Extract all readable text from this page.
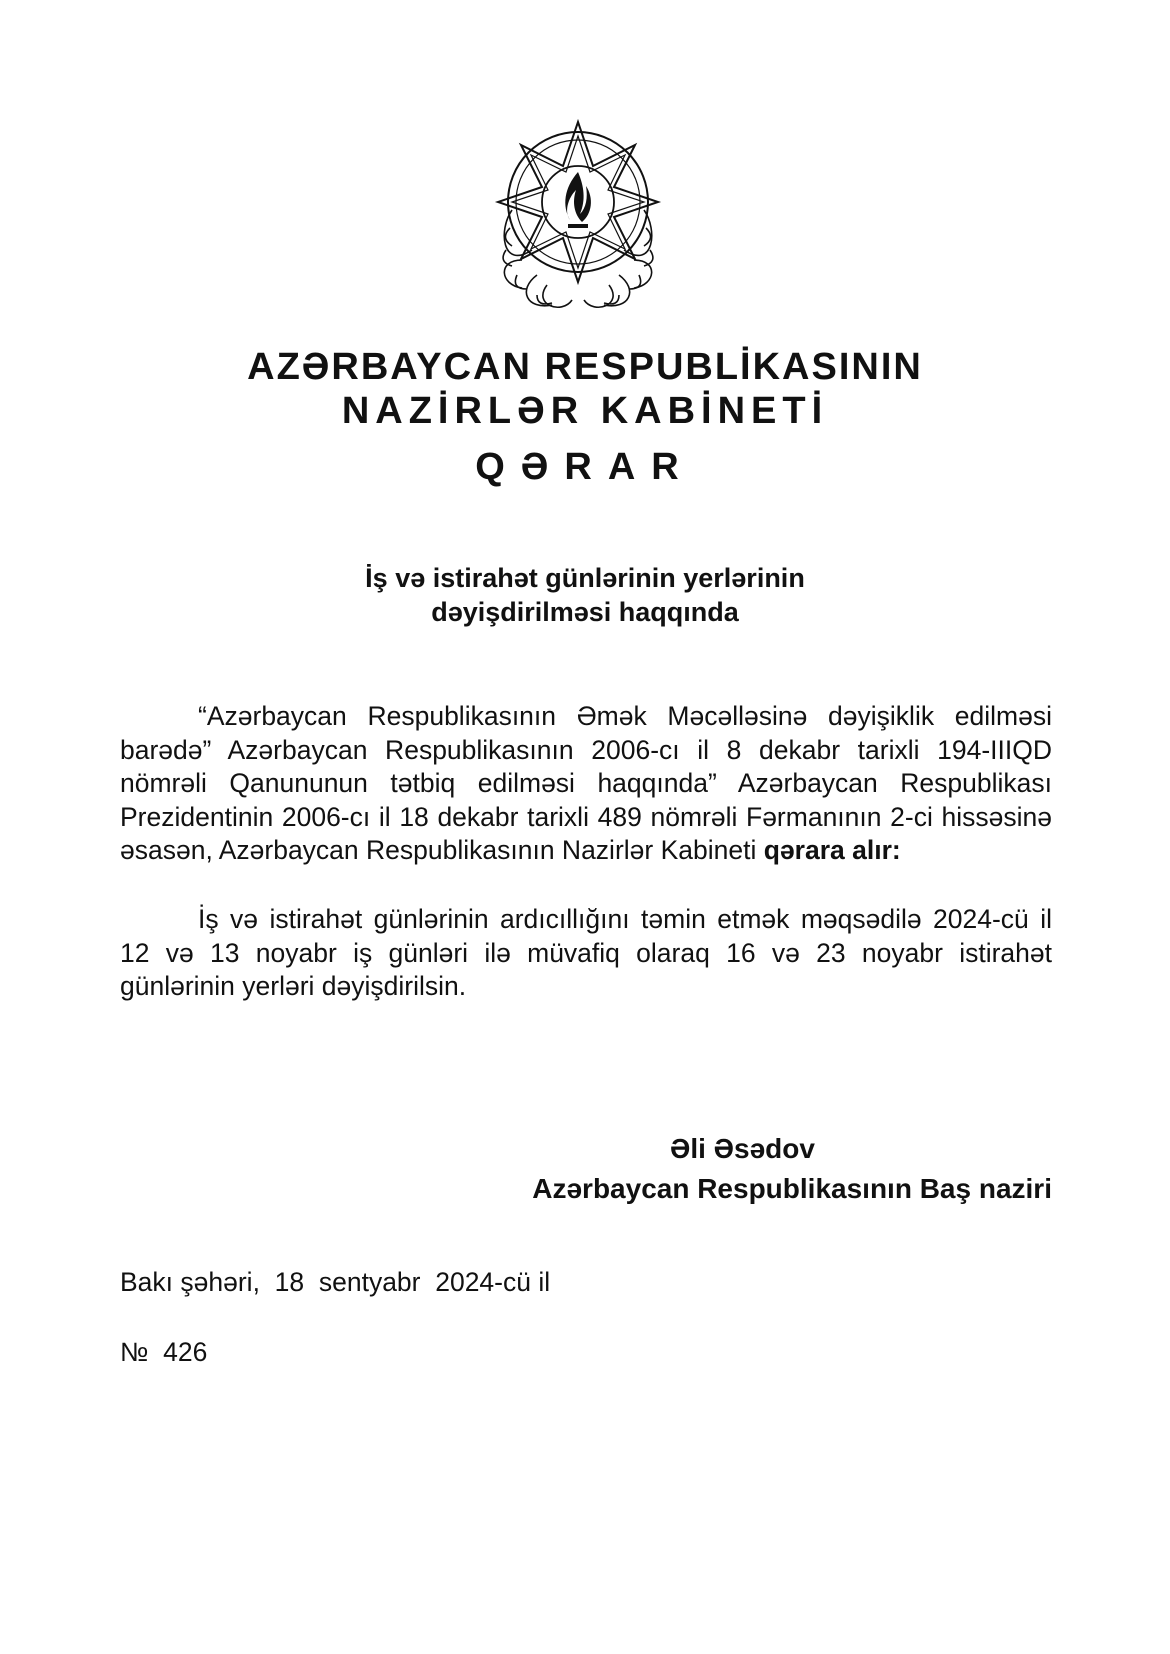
AZƏRBAYCAN RESPUBLİKASININ
NAZİRLƏR KABİNETİ
QƏRAR
İş və istirahət günlərinin yerlərinin
dəyişdirilməsi haqqında
“Azərbaycan Respublikasının Əmək Məcəlləsinə dəyişiklik edilməsi barədə” Azərbaycan Respublikasının 2006-cı il 8 dekabr tarixli 194-IIIQD nömrəli Qanununun tətbiq edilməsi haqqında” Azərbaycan Respublikası Prezidentinin 2006-cı il 18 dekabr tarixli 489 nömrəli Fərmanının 2-ci hissəsinə əsasən, Azərbaycan Respublikasının Nazirlər Kabineti qərara alır:
İş və istirahət günlərinin ardıcıllığını təmin etmək məqsədilə 2024-cü il 12 və 13 noyabr iş günləri ilə müvafiq olaraq 16 və 23 noyabr istirahət günlərinin yerləri dəyişdirilsin.
Əli Əsədov
Azərbaycan Respublikasının Baş naziri
Bakı şəhəri,  18  sentyabr  2024-cü il
№  426
